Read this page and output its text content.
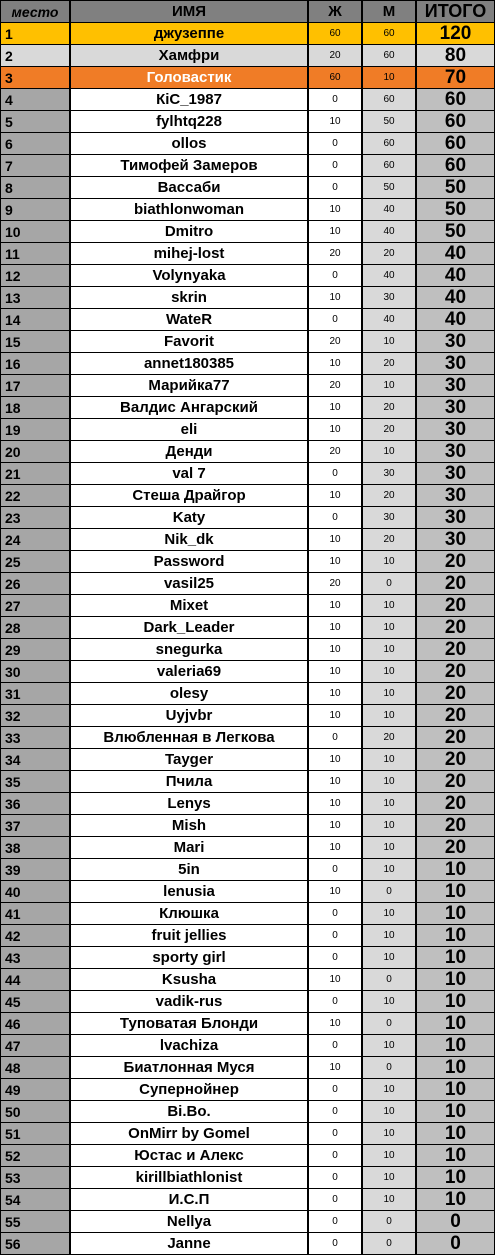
место	ИМЯ	Ж	М	ИТОГО
1	джузеппе	60	60	120
2	Хамфри	20	60	80
3	Головастик	60	10	70
4	КiC_1987	0	60	60
5	fylhtq228	10	50	60
6	ollos	0	60	60
7	Тимофей Замеров	0	60	60
8	Вассаби	0	50	50
9	biathlonwoman	10	40	50
10	Dmitro	10	40	50
11	mihej-lost	20	20	40
12	Volynyaka	0	40	40
13	skrin	10	30	40
14	WateR	0	40	40
15	Favorit	20	10	30
16	annet180385	10	20	30
17	Марийка77	20	10	30
18	Валдис Ангарский	10	20	30
19	eli	10	20	30
20	Денди	20	10	30
21	val 7	0	30	30
22	Стеша Драйгор	10	20	30
23	Katy	0	30	30
24	Nik_dk	10	20	30
25	Password	10	10	20
26	vasil25	20	0	20
27	Mixet	10	10	20
28	Dark_Leader	10	10	20
29	snegurka	10	10	20
30	valeria69	10	10	20
31	olesy	10	10	20
32	Uyjvbr	10	10	20
33	Влюбленная в Легкова	0	20	20
34	Tayger	10	10	20
35	Пчила	10	10	20
36	Lenys	10	10	20
37	Mish	10	10	20
38	Mari	10	10	20
39	5in	0	10	10
40	lenusia	10	0	10
41	Клюшка	0	10	10
42	fruit jellies	0	10	10
43	sporty girl	0	10	10
44	Ksusha	10	0	10
45	vadik-rus	0	10	10
46	Туповатая Блонди	10	0	10
47	lvachiza	0	10	10
48	Биатлонная Муся	10	0	10
49	Супернойнер	0	10	10
50	Bi.Bo.	0	10	10
51	OnMirr by Gomel	0	10	10
52	Юстас и Алекс	0	10	10
53	kirillbiathlonist	0	10	10
54	И.С.П	0	10	10
55	Nellya	0	0	0
56	Janne	0	0	0
